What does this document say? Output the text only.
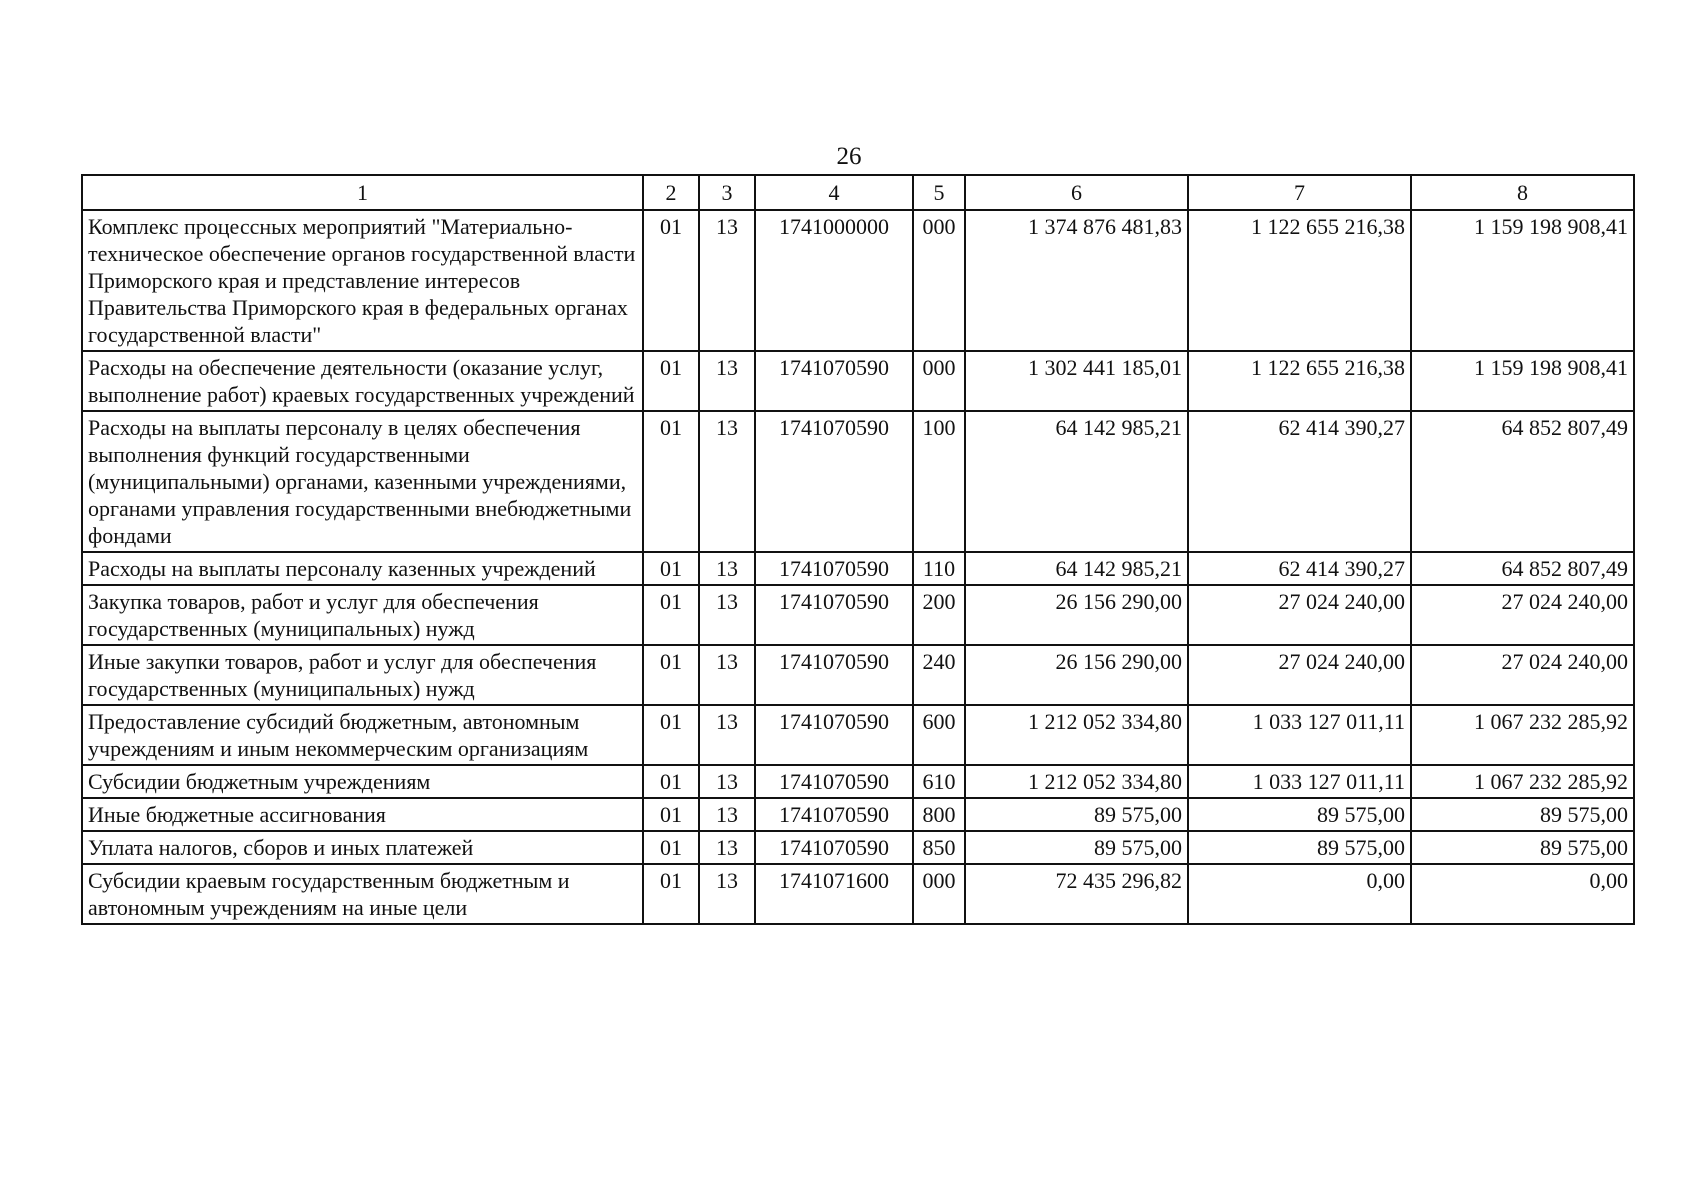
26
1	2	3	4	5	6	7	8
Комплекс процессных мероприятий "Материально-техническое обеспечение органов государственной власти Приморского края и представление интересов Правительства Приморского края в федеральных органах государственной власти"	01	13	1741000000	000	1 374 876 481,83	1 122 655 216,38	1 159 198 908,41
Расходы на обеспечение деятельности (оказание услуг, выполнение работ) краевых государственных учреждений	01	13	1741070590	000	1 302 441 185,01	1 122 655 216,38	1 159 198 908,41
Расходы на выплаты персоналу в целях обеспечения выполнения функций государственными (муниципальными) органами, казенными учреждениями, органами управления государственными внебюджетными фондами	01	13	1741070590	100	64 142 985,21	62 414 390,27	64 852 807,49
Расходы на выплаты персоналу казенных учреждений	01	13	1741070590	110	64 142 985,21	62 414 390,27	64 852 807,49
Закупка товаров, работ и услуг для обеспечения государственных (муниципальных) нужд	01	13	1741070590	200	26 156 290,00	27 024 240,00	27 024 240,00
Иные закупки товаров, работ и услуг для обеспечения государственных (муниципальных) нужд	01	13	1741070590	240	26 156 290,00	27 024 240,00	27 024 240,00
Предоставление субсидий бюджетным, автономным учреждениям и иным некоммерческим организациям	01	13	1741070590	600	1 212 052 334,80	1 033 127 011,11	1 067 232 285,92
Субсидии бюджетным учреждениям	01	13	1741070590	610	1 212 052 334,80	1 033 127 011,11	1 067 232 285,92
Иные бюджетные ассигнования	01	13	1741070590	800	89 575,00	89 575,00	89 575,00
Уплата налогов, сборов и иных платежей	01	13	1741070590	850	89 575,00	89 575,00	89 575,00
Субсидии краевым государственным бюджетным и автономным учреждениям на иные цели	01	13	1741071600	000	72 435 296,82	0,00	0,00
